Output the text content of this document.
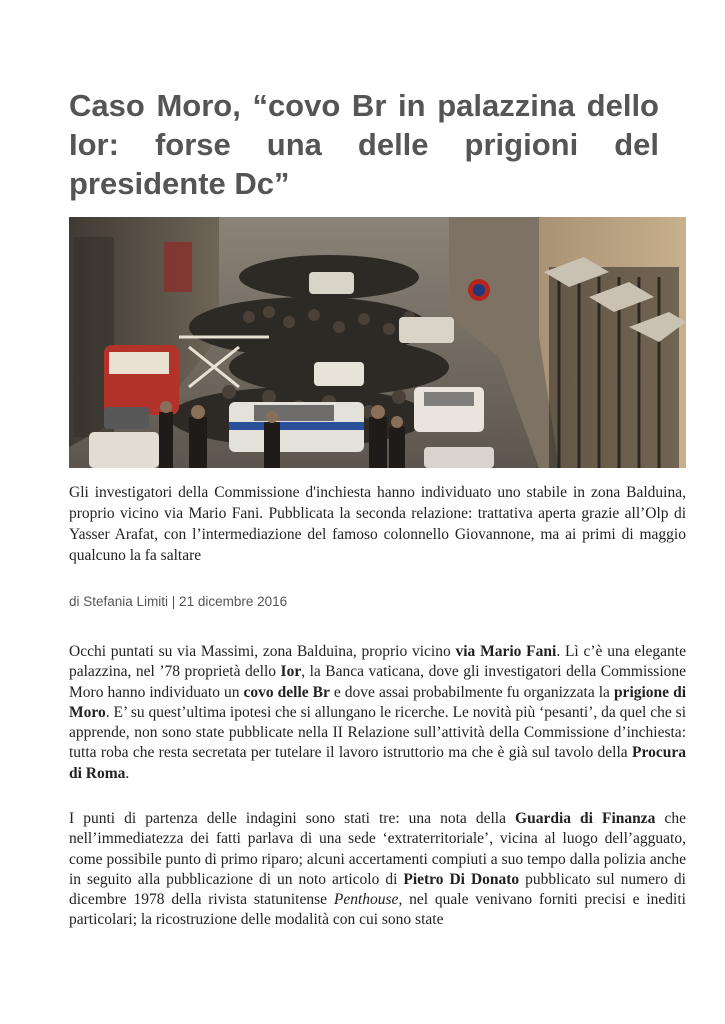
Caso Moro, “covo Br in palazzina dello Ior: forse una delle prigioni del presidente Dc”

Gli investigatori della Commissione d'inchiesta hanno individuato uno stabile in zona Balduina, proprio vicino via Mario Fani. Pubblicata la seconda relazione: trattativa aperta grazie all’Olp di Yasser Arafat, con l’intermediazione del famoso colonnello Giovannone, ma ai primi di maggio qualcuno la fa saltare

di Stefania Limiti | 21 dicembre 2016

Occhi puntati su via Massimi, zona Balduina, proprio vicino via Mario Fani. Lì c’è una elegante palazzina, nel ’78 proprietà dello Ior, la Banca vaticana, dove gli investigatori della Commissione Moro hanno individuato un covo delle Br e dove assai probabilmente fu organizzata la prigione di Moro. E’ su quest’ultima ipotesi che si allungano le ricerche. Le novità più ‘pesanti’, da quel che si apprende, non sono state pubblicate nella II Relazione sull’attività della Commissione d’inchiesta: tutta roba che resta secretata per tutelare il lavoro istruttorio ma che è già sul tavolo della Procura di Roma.

I punti di partenza delle indagini sono stati tre: una nota della Guardia di Finanza che nell’immediatezza dei fatti parlava di una sede ‘extraterritoriale’, vicina al luogo dell’agguato, come possibile punto di primo riparo; alcuni accertamenti compiuti a suo tempo dalla polizia anche in seguito alla pubblicazione di un noto articolo di Pietro Di Donato pubblicato sul numero di dicembre 1978 della rivista statunitense Penthouse, nel quale venivano forniti precisi e inediti particolari; la ricostruzione delle modalità con cui sono state
